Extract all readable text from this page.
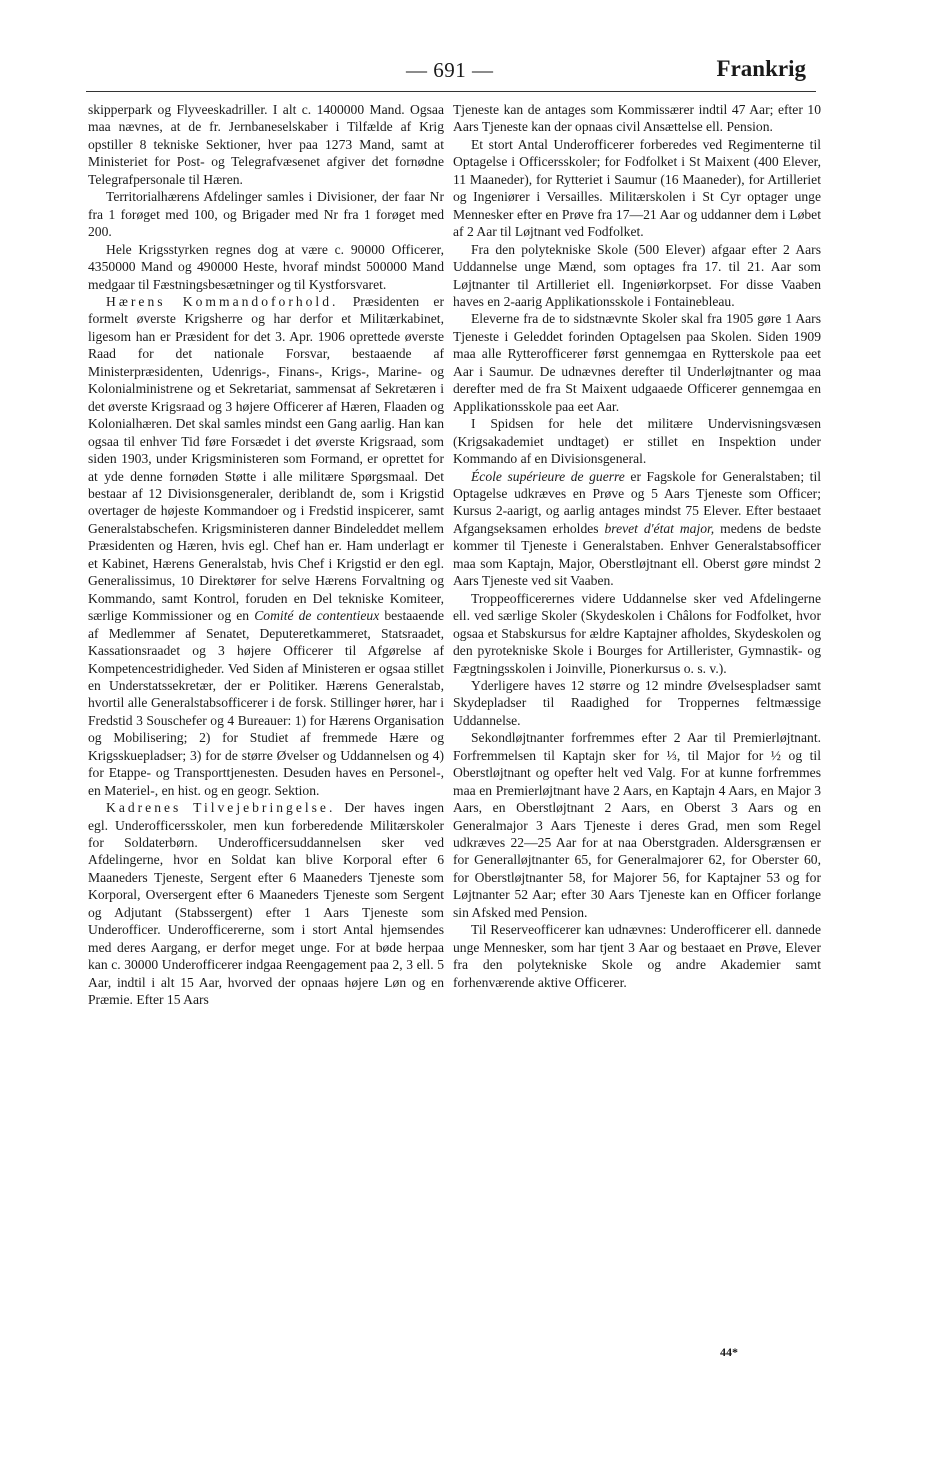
— 691 —	Frankrig

skipperpark og Flyveeskadriller. I alt c. 1400000 Mand. Ogsaa maa nævnes, at de fr. Jernbaneselskaber i Tilfælde af Krig opstiller 8 tekniske Sektioner, hver paa 1273 Mand, samt at Ministeriet for Post- og Telegrafvæsenet afgiver det fornødne Telegrafpersonale til Hæren.

Territorialhærens Afdelinger samles i Divisioner, der faar Nr fra 1 forøget med 100, og Brigader med Nr fra 1 forøget med 200.

Hele Krigsstyrken regnes dog at være c. 90000 Officerer, 4350000 Mand og 490000 Heste, hvoraf mindst 500000 Mand medgaar til Fæstningsbesætninger og til Kystforsvaret.

Hærens Kommandoforhold. Præsidenten er formelt øverste Krigsherre og har derfor et Militærkabinet, ligesom han er Præsident for det 3. Apr. 1906 oprettede øverste Raad for det nationale Forsvar, bestaaende af Ministerpræsidenten, Udenrigs-, Finans-, Krigs-, Marine- og Kolonialministrene og et Sekretariat, sammensat af Sekretæren i det øverste Krigsraad og 3 højere Officerer af Hæren, Flaaden og Kolonialhæren. Det skal samles mindst een Gang aarlig. Han kan ogsaa til enhver Tid føre Forsædet i det øverste Krigsraad, som siden 1903, under Krigsministeren som Formand, er oprettet for at yde denne fornøden Støtte i alle militære Spørgsmaal. Det bestaar af 12 Divisionsgeneraler, deriblandt de, som i Krigstid overtager de højeste Kommandoer og i Fredstid inspicerer, samt Generalstabschefen. Krigsministeren danner Bindeleddet mellem Præsidenten og Hæren, hvis egl. Chef han er. Ham underlagt er et Kabinet, Hærens Generalstab, hvis Chef i Krigstid er den egl. Generalissimus, 10 Direktører for selve Hærens Forvaltning og Kommando, samt Kontrol, foruden en Del tekniske Komiteer, særlige Kommissioner og en Comité de contentieux bestaaende af Medlemmer af Senatet, Deputeretkammeret, Statsraadet, Kassationsraadet og 3 højere Officerer til Afgørelse af Kompetencestridigheder. Ved Siden af Ministeren er ogsaa stillet en Understatssekretær, der er Politiker. Hærens Generalstab, hvortil alle Generalstabsofficerer i de forsk. Stillinger hører, har i Fredstid 3 Souschefer og 4 Bureauer: 1) for Hærens Organisation og Mobilisering; 2) for Studiet af fremmede Hære og Krigsskuepladser; 3) for de større Øvelser og Uddannelsen og 4) for Etappe- og Transporttjenesten. Desuden haves en Personel-, en Materiel-, en hist. og en geogr. Sektion.

Kadrenes Tilvejebringelse. Der haves ingen egl. Underofficersskoler, men kun forberedende Militærskoler for Soldaterbørn. Underofficersuddannelsen sker ved Afdelingerne, hvor en Soldat kan blive Korporal efter 6 Maaneders Tjeneste, Sergent efter 6 Maaneders Tjeneste som Korporal, Oversergent efter 6 Maaneders Tjeneste som Sergent og Adjutant (Stabssergent) efter 1 Aars Tjeneste som Underofficer. Underofficererne, som i stort Antal hjemsendes med deres Aargang, er derfor meget unge. For at bøde herpaa kan c. 30000 Underofficerer indgaa Reengagement paa 2, 3 ell. 5 Aar, indtil i alt 15 Aar, hvorved der opnaas højere Løn og en Præmie. Efter 15 Aars

Tjeneste kan de antages som Kommissærer indtil 47 Aar; efter 10 Aars Tjeneste kan der opnaas civil Ansættelse ell. Pension.

Et stort Antal Underofficerer forberedes ved Regimenterne til Optagelse i Officersskoler; for Fodfolket i St Maixent (400 Elever, 11 Maaneder), for Rytteriet i Saumur (16 Maaneder), for Artilleriet og Ingeniører i Versailles. Militærskolen i St Cyr optager unge Mennesker efter en Prøve fra 17—21 Aar og uddanner dem i Løbet af 2 Aar til Løjtnant ved Fodfolket.

Fra den polytekniske Skole (500 Elever) afgaar efter 2 Aars Uddannelse unge Mænd, som optages fra 17. til 21. Aar som Løjtnanter til Artilleriet ell. Ingeniørkorpset. For disse Vaaben haves en 2-aarig Applikationsskole i Fontainebleau.

Eleverne fra de to sidstnævnte Skoler skal fra 1905 gøre 1 Aars Tjeneste i Geleddet forinden Optagelsen paa Skolen. Siden 1909 maa alle Rytterofficerer først gennemgaa en Rytterskole paa eet Aar i Saumur. De udnævnes derefter til Underløjtnanter og maa derefter med de fra St Maixent udgaaede Officerer gennemgaa en Applikationsskole paa eet Aar.

I Spidsen for hele det militære Undervisningsvæsen (Krigsakademiet undtaget) er stillet en Inspektion under Kommando af en Divisionsgeneral.

École supérieure de guerre er Fagskole for Generalstaben; til Optagelse udkræves en Prøve og 5 Aars Tjeneste som Officer; Kursus 2-aarigt, og aarlig antages mindst 75 Elever. Efter bestaaet Afgangseksamen erholdes brevet d'état major, medens de bedste kommer til Tjeneste i Generalstaben. Enhver Generalstabsofficer maa som Kaptajn, Major, Oberstløjtnant ell. Oberst gøre mindst 2 Aars Tjeneste ved sit Vaaben.

Troppeofficerernes videre Uddannelse sker ved Afdelingerne ell. ved særlige Skoler (Skydeskolen i Châlons for Fodfolket, hvor ogsaa et Stabskursus for ældre Kaptajner afholdes, Skydeskolen og den pyrotekniske Skole i Bourges for Artillerister, Gymnastik- og Fægtningsskolen i Joinville, Pionerkursus o. s. v.).

Yderligere haves 12 større og 12 mindre Øvelsespladser samt Skydepladser til Raadighed for Troppernes feltmæssige Uddannelse.

Sekondløjtnanter forfremmes efter 2 Aar til Premierløjtnant. Forfremmelsen til Kaptajn sker for ⅓, til Major for ½ og til Oberstløjtnant og opefter helt ved Valg. For at kunne forfremmes maa en Premierløjtnant have 2 Aars, en Kaptajn 4 Aars, en Major 3 Aars, en Oberstløjtnant 2 Aars, en Oberst 3 Aars og en Generalmajor 3 Aars Tjeneste i deres Grad, men som Regel udkræves 22—25 Aar for at naa Oberstgraden. Aldersgrænsen er for Generalløjtnanter 65, for Generalmajorer 62, for Oberster 60, for Oberstløjtnanter 58, for Majorer 56, for Kaptajner 53 og for Løjtnanter 52 Aar; efter 30 Aars Tjeneste kan en Officer forlange sin Afsked med Pension.

Til Reserveofficerer kan udnævnes: Underofficerer ell. dannede unge Mennesker, som har tjent 3 Aar og bestaaet en Prøve, Elever fra den polytekniske Skole og andre Akademier samt forhenværende aktive Officerer.

44*
